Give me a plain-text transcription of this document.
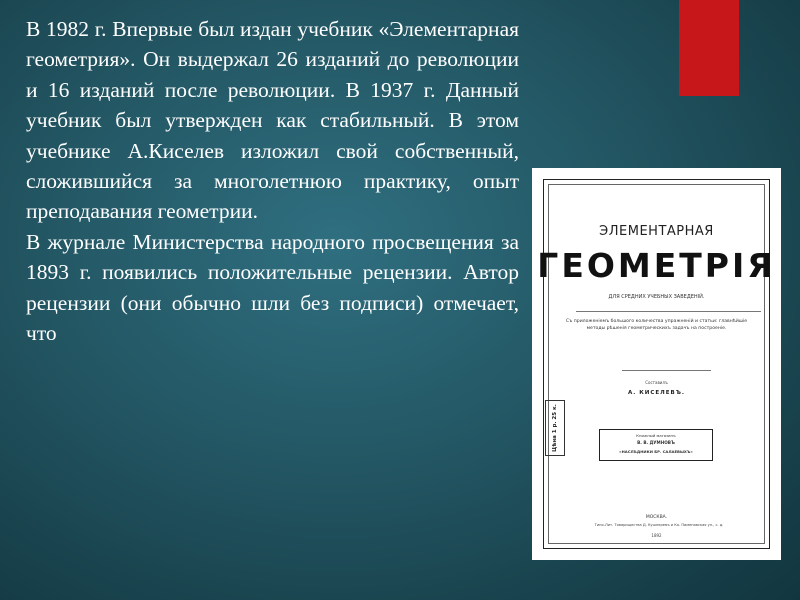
В 1982 г. Впервые был издан учебник «Элементарная геометрия». Он выдержал 26 изданий до революции и 16 изданий после революции. В 1937 г. Данный учебник был утвержден как стабильный. В этом учебнике А.Киселев изложил свой собственный, сложившийся за многолетнюю практику, опыт преподавания геометрии.

В журнале Министерства народного просвещения за 1893 г. появились положительные рецензии. Автор рецензии (они обычно шли без подписи) отмечает, что

ЭЛЕМЕНТАРНАЯ
ГЕОМЕТРІЯ
ДЛЯ СРЕДНИХ УЧЕБНЫХ ЗАВЕДЕНІЙ.
Съ приложеніемъ большого количества упражненій и статьи: главнѣйшіе методы рѣшенія геометрическихъ задачъ на построеніе.
Составилъ
А. КИСЕЛЕВЪ.
Цѣна 1 р. 25 к.	Книжный магазинъ
В. В. ДУМНОВЪ
«НАСЛѢДНИКИ БР. САЛАЕВЫХЪ»
МОСКВА.
Типо-Лит. Товарищества Д. Кушнеревъ и Ко. Пименовская ул., с. д.
1892
